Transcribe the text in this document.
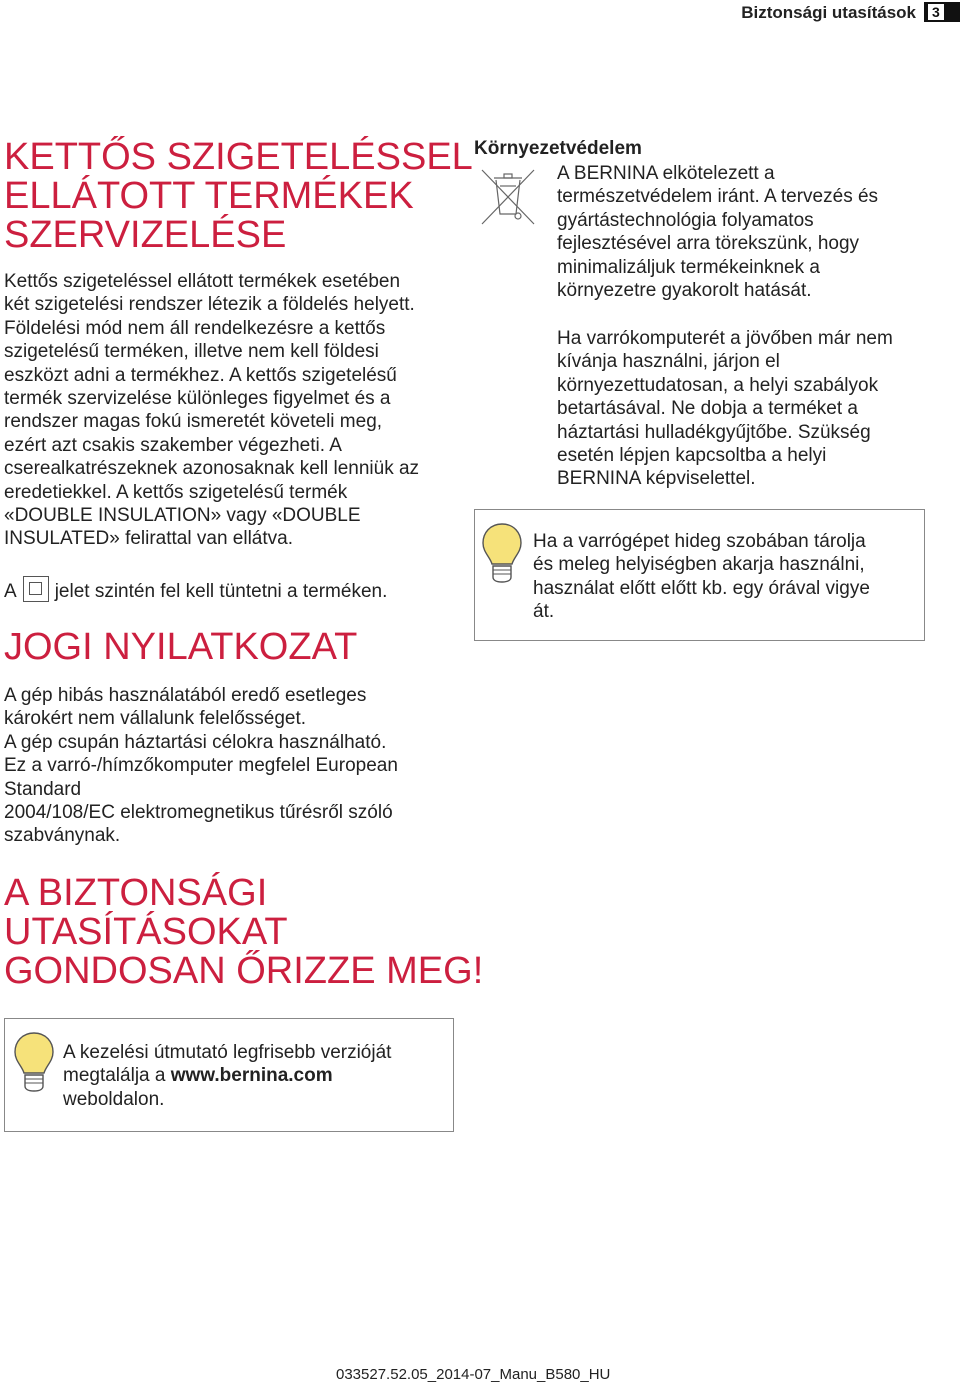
Biztonsági utasítások 3
KETTŐS SZIGETELÉSSEL
ELLÁTOTT TERMÉKEK
SZERVIZELÉSE
Kettős szigeteléssel ellátott termékek esetében
két szigetelési rendszer létezik a földelés helyett.
Földelési mód nem áll rendelkezésre a kettős
szigetelésű terméken, illetve nem kell földesi
eszközt adni a termékhez. A kettős szigetelésű
termék szervizelése különleges figyelmet és a
rendszer magas fokú ismeretét követeli meg,
ezért azt csakis szakember végezheti. A
cserealkatrészeknek azonosaknak kell lenniük az
eredetiekkel. A kettős szigetelésű termék
«DOUBLE INSULATION» vagy «DOUBLE
INSULATED» felirattal van ellátva.
A jelet szintén fel kell tüntetni a terméken.
JOGI NYILATKOZAT
A gép hibás használatából eredő esetleges
károkért nem vállalunk felelősséget.
A gép csupán háztartási célokra használható.
Ez a varró-/hímzőkomputer megfelel European
Standard
2004/108/EC elektromegnetikus tűrésről szóló
szabványnak.
A BIZTONSÁGI
UTASÍTÁSOKAT
GONDOSAN ŐRIZZE MEG!
A kezelési útmutató legfrisebb verzióját
megtalálja a www.bernina.com
weboldalon.
Környezetvédelem
A BERNINA elkötelezett a
természetvédelem iránt. A tervezés és
gyártástechnológia folyamatos
fejlesztésével arra törekszünk, hogy
minimalizáljuk termékeinknek a
környezetre gyakorolt hatását.
Ha varrókomputerét a jövőben már nem
kívánja használni, járjon el
környezettudatosan, a helyi szabályok
betartásával. Ne dobja a terméket a
háztartási hulladékgyűjtőbe. Szükség
esetén lépjen kapcsoltba a helyi
BERNINA képviselettel.
Ha a varrógépet hideg szobában tárolja
és meleg helyiségben akarja használni,
használat előtt előtt kb. egy órával vigye
át.
033527.52.05_2014-07_Manu_B580_HU
